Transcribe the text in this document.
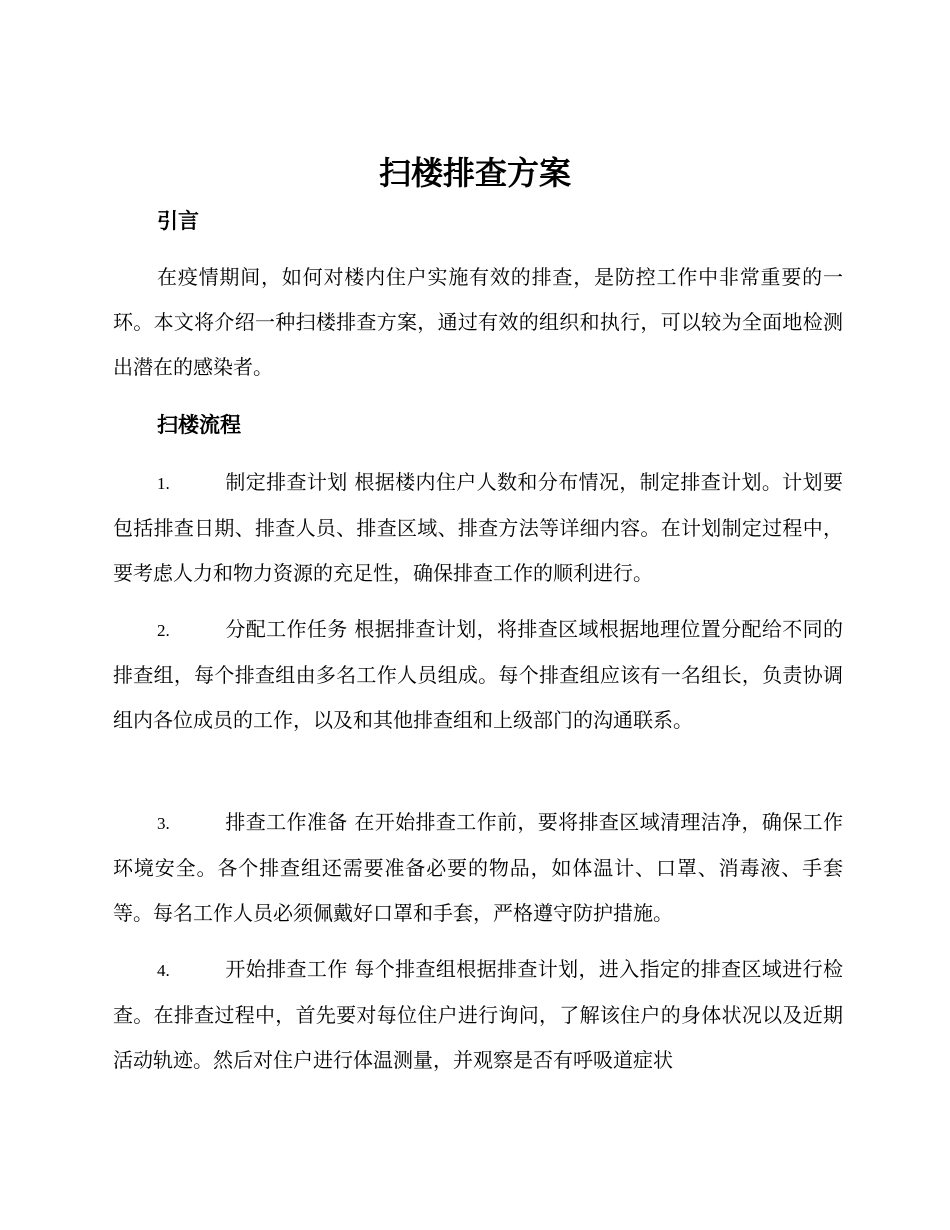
扫楼排查方案
引言
在疫情期间，如何对楼内住户实施有效的排查，是防控工作中非常重要的一环。本文将介绍一种扫楼排查方案，通过有效的组织和执行，可以较为全面地检测出潜在的感染者。
扫楼流程
1.	制定排查计划 根据楼内住户人数和分布情况，制定排查计划。计划要包括排查日期、排查人员、排查区域、排查方法等详细内容。在计划制定过程中，要考虑人力和物力资源的充足性，确保排查工作的顺利进行。
2.	分配工作任务 根据排查计划，将排查区域根据地理位置分配给不同的排查组，每个排查组由多名工作人员组成。每个排查组应该有一名组长，负责协调组内各位成员的工作，以及和其他排查组和上级部门的沟通联系。
3.	排查工作准备 在开始排查工作前，要将排查区域清理洁净，确保工作环境安全。各个排查组还需要准备必要的物品，如体温计、口罩、消毒液、手套等。每名工作人员必须佩戴好口罩和手套，严格遵守防护措施。
4.	开始排查工作 每个排查组根据排查计划，进入指定的排查区域进行检查。在排查过程中，首先要对每位住户进行询问，了解该住户的身体状况以及近期活动轨迹。然后对住户进行体温测量，并观察是否有呼吸道症状
